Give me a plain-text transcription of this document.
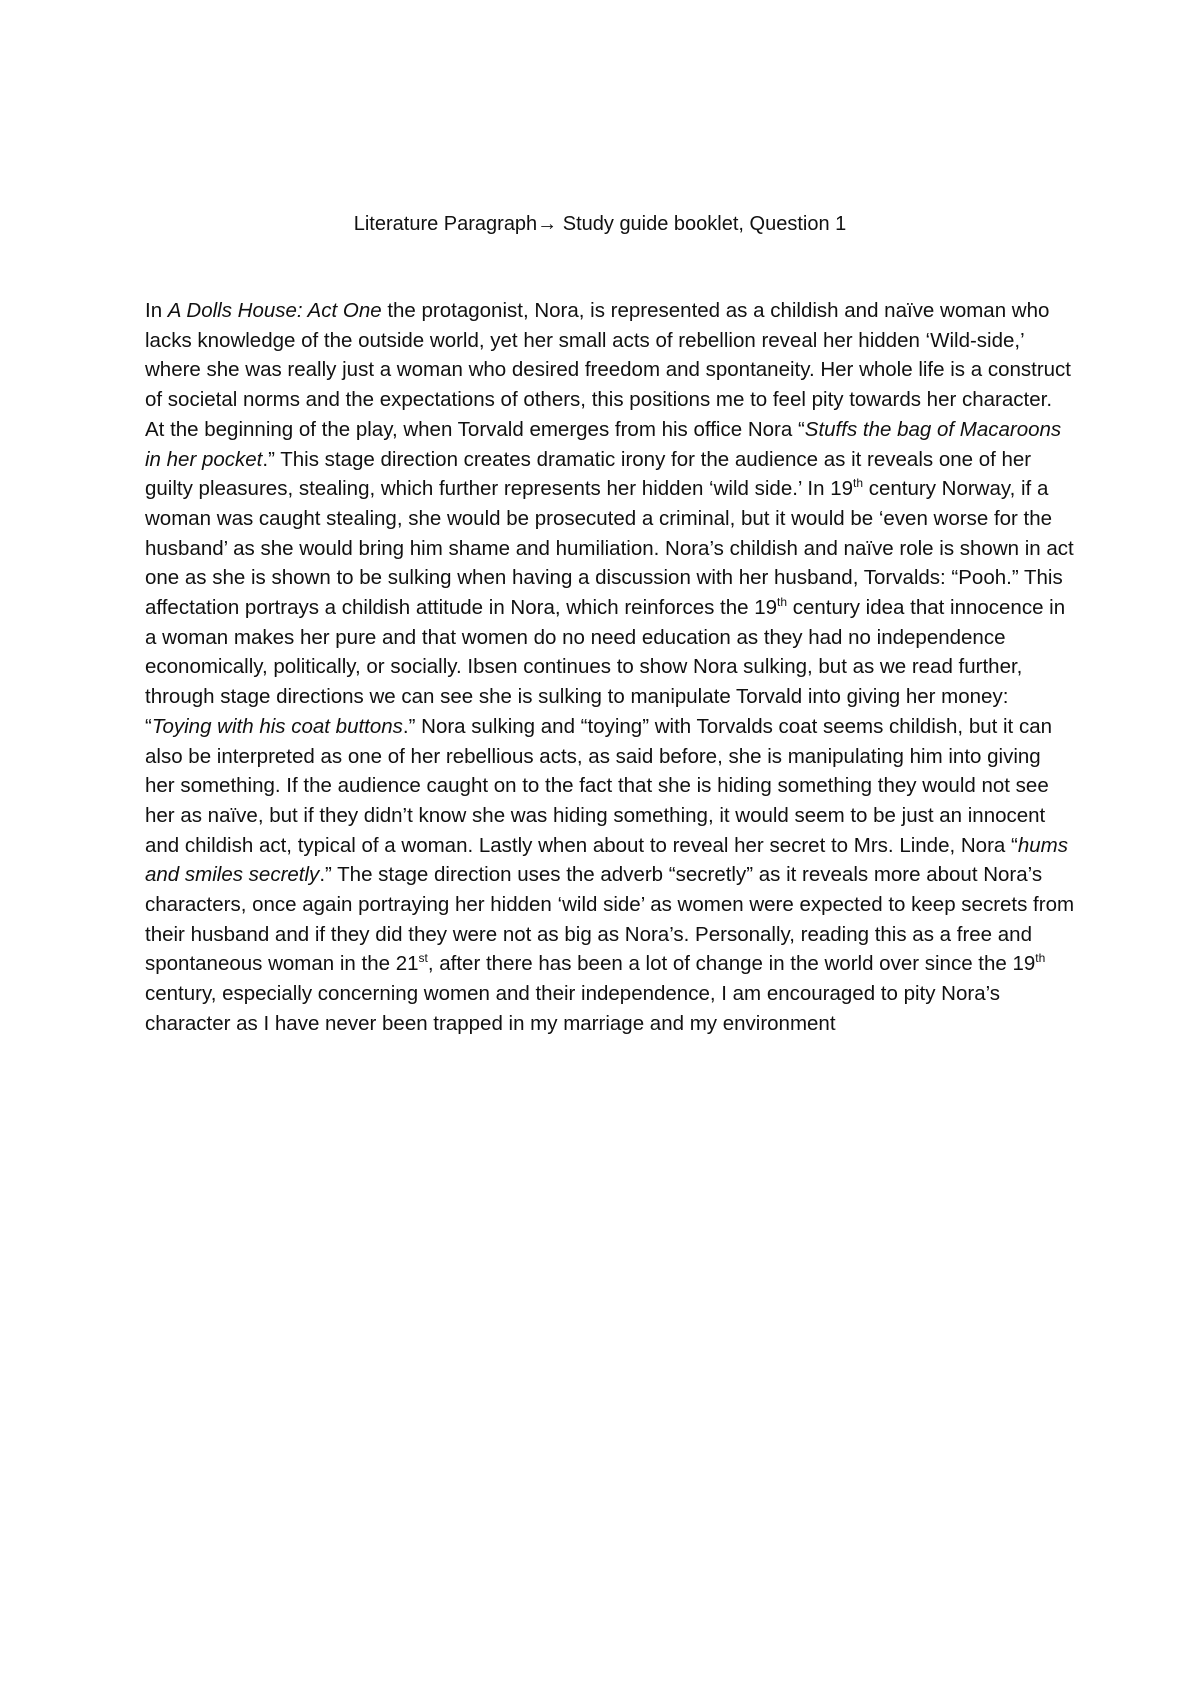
Literature Paragraph→ Study guide booklet, Question 1

In A Dolls House: Act One the protagonist, Nora, is represented as a childish and naïve woman who lacks knowledge of the outside world, yet her small acts of rebellion reveal her hidden ‘Wild-side,’ where she was really just a woman who desired freedom and spontaneity. Her whole life is a construct of societal norms and the expectations of others, this positions me to feel pity towards her character. At the beginning of the play, when Torvald emerges from his office Nora “Stuffs the bag of Macaroons in her pocket.” This stage direction creates dramatic irony for the audience as it reveals one of her guilty pleasures, stealing, which further represents her hidden ‘wild side.’ In 19th century Norway, if a woman was caught stealing, she would be prosecuted a criminal, but it would be ‘even worse for the husband’ as she would bring him shame and humiliation. Nora’s childish and naïve role is shown in act one as she is shown to be sulking when having a discussion with her husband, Torvalds: “Pooh.” This affectation portrays a childish attitude in Nora, which reinforces the 19th century idea that innocence in a woman makes her pure and that women do no need education as they had no independence economically, politically, or socially. Ibsen continues to show Nora sulking, but as we read further, through stage directions we can see she is sulking to manipulate Torvald into giving her money: “Toying with his coat buttons.” Nora sulking and “toying” with Torvalds coat seems childish, but it can also be interpreted as one of her rebellious acts, as said before, she is manipulating him into giving her something. If the audience caught on to the fact that she is hiding something they would not see her as naïve, but if they didn’t know she was hiding something, it would seem to be just an innocent and childish act, typical of a woman. Lastly when about to reveal her secret to Mrs. Linde, Nora “hums and smiles secretly.” The stage direction uses the adverb “secretly” as it reveals more about Nora’s characters, once again portraying her hidden ‘wild side’ as women were expected to keep secrets from their husband and if they did they were not as big as Nora’s. Personally, reading this as a free and spontaneous woman in the 21st, after there has been a lot of change in the world over since the 19th century, especially concerning women and their independence, I am encouraged to pity Nora’s character as I have never been trapped in my marriage and my environment
